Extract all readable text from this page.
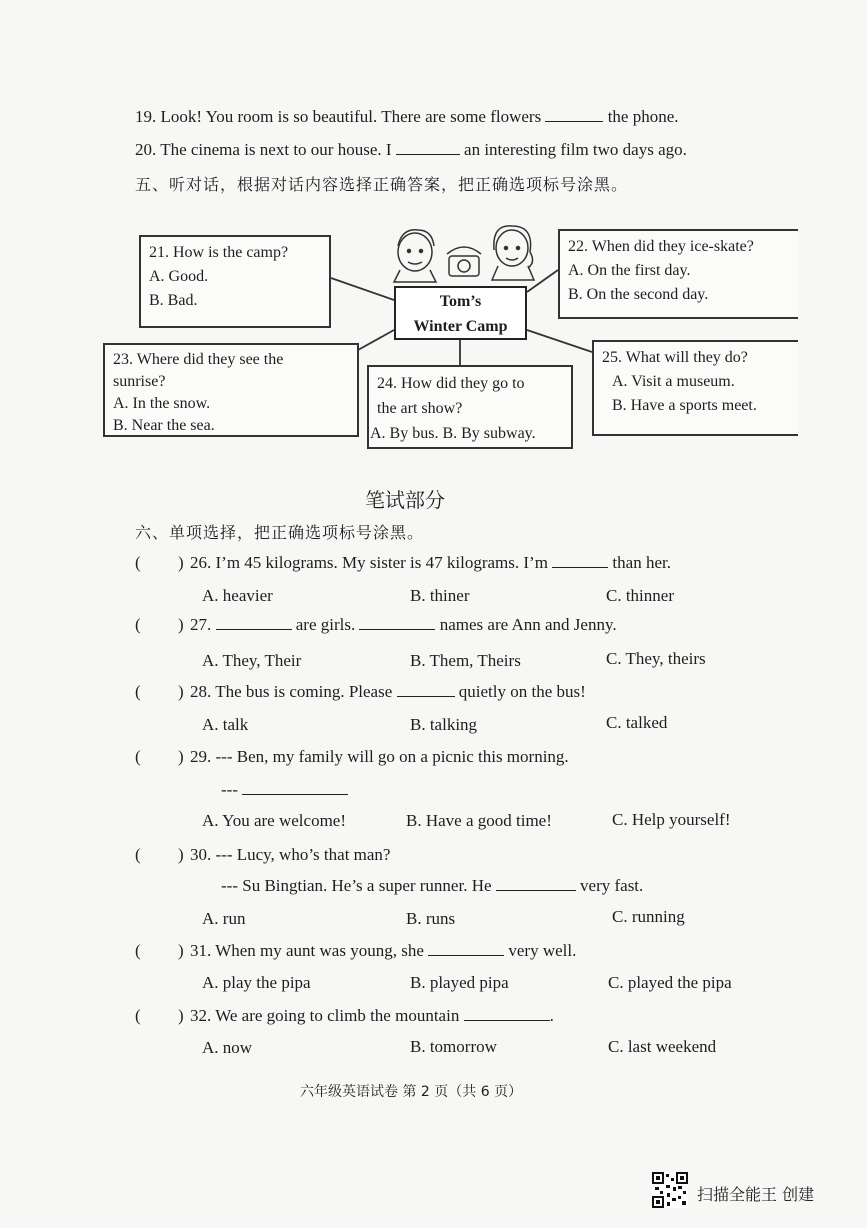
19. Look! You room is so beautiful. There are some flowers	the phone.
20. The cinema is next to our house. I	an interesting film two days ago.
五、听对话，根据对话内容选择正确答案，把正确选项标号涂黑。
21. How is the camp?
A. Good.
B. Bad.	Tom’s
Winter Camp
22. When did they ice-skate?
A. On the first day.
B. On the second day.
23. Where did they see the
sunrise?
A. In the snow.
B. Near the sea.
24. How did they go to
the art show?
A. By bus. B. By subway.
25. What will they do?
A. Visit a museum.
B. Have a sports meet.
笔试部分
六、单项选择，把正确选项标号涂黑。
( ) 26. I’m 45 kilograms. My sister is 47 kilograms. I’m	than her.
A. heavier	B. thiner	C. thinner
( ) 27.	are girls.	names are Ann and Jenny.
A. They, Their	B. Them, Theirs	C. They, theirs
( ) 28. The bus is coming. Please	quietly on the bus!
A. talk	B. talking	C. talked
( ) 29. --- Ben, my family will go on a picnic this morning.
---
A. You are welcome!	B. Have a good time!	C. Help yourself!
( ) 30. --- Lucy, who’s that man?
--- Su Bingtian. He’s a super runner. He	very fast.
A. run	B. runs	C. running
( ) 31. When my aunt was young, she	very well.
A. play the pipa	B. played pipa	C. played the pipa
( ) 32. We are going to climb the mountain	.
A. now	B. tomorrow	C. last weekend
六年级英语试卷 第 2 页（共 6 页）
扫描全能王 创建
